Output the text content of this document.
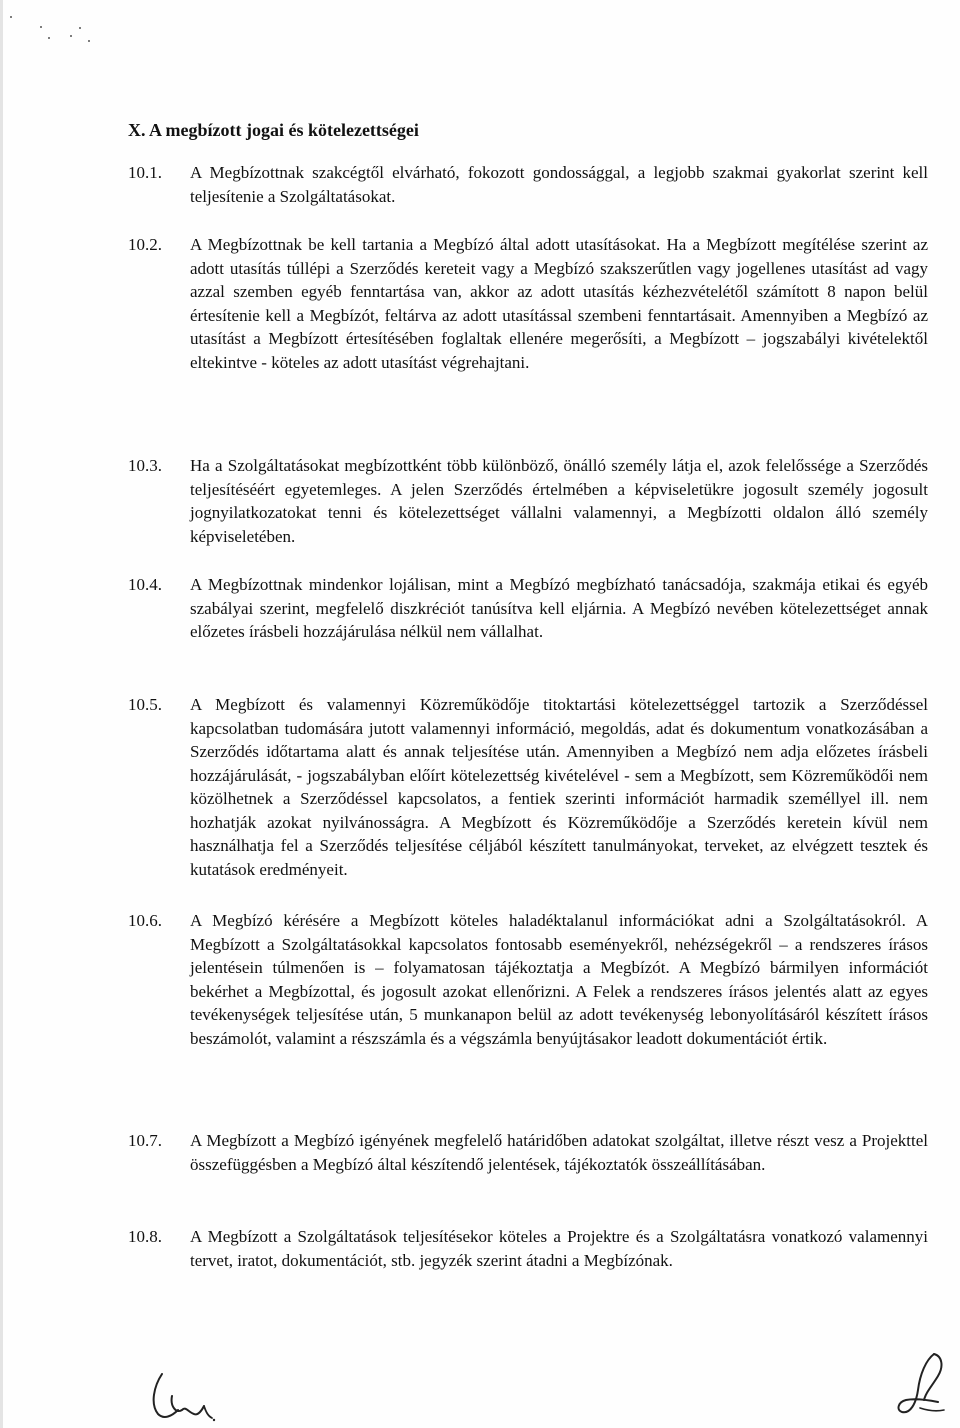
X. A megbízott jogai és kötelezettségei
10.1.	A Megbízottnak szakcégtől elvárható, fokozott gondossággal, a legjobb szakmai gyakorlat szerint kell teljesítenie a Szolgáltatásokat.

10.2.	A Megbízottnak be kell tartania a Megbízó által adott utasításokat. Ha a Megbízott megítélése szerint az adott utasítás túllépi a Szerződés kereteit vagy a Megbízó szakszerűtlen vagy jogellenes utasítást ad vagy azzal szemben egyéb fenntartása van, akkor az adott utasítás kézhezvételétől számított 8 napon belül értesítenie kell a Megbízót, feltárva az adott utasítással szembeni fenntartásait. Amennyiben a Megbízó az utasítást a Megbízott értesítésében foglaltak ellenére megerősíti, a Megbízott – jogszabályi kivételektől eltekintve - köteles az adott utasítást végrehajtani.

10.3.	Ha a Szolgáltatásokat megbízottként több különböző, önálló személy látja el, azok felelőssége a Szerződés teljesítéséért egyetemleges. A jelen Szerződés értelmében a képviseletükre jogosult személy jogosult jognyilatkozatokat tenni és kötelezettséget vállalni valamennyi, a Megbízotti oldalon álló személy képviseletében.

10.4.	A Megbízottnak mindenkor lojálisan, mint a Megbízó megbízható tanácsadója, szakmája etikai és egyéb szabályai szerint, megfelelő diszkréciót tanúsítva kell eljárnia. A Megbízó nevében kötelezettséget annak előzetes írásbeli hozzájárulása nélkül nem vállalhat.

10.5.	A Megbízott és valamennyi Közreműködője titoktartási kötelezettséggel tartozik a Szerződéssel kapcsolatban tudomására jutott valamennyi információ, megoldás, adat és dokumentum vonatkozásában a Szerződés időtartama alatt és annak teljesítése után. Amennyiben a Megbízó nem adja előzetes írásbeli hozzájárulását, - jogszabályban előírt kötelezettség kivételével - sem a Megbízott, sem Közreműködői nem közölhetnek a Szerződéssel kapcsolatos, a fentiek szerinti információt harmadik személlyel ill. nem hozhatják azokat nyilvánosságra. A Megbízott és Közreműködője a Szerződés keretein kívül nem használhatja fel a Szerződés teljesítése céljából készített tanulmányokat, terveket, az elvégzett tesztek és kutatások eredményeit.

10.6.	A Megbízó kérésére a Megbízott köteles haladéktalanul információkat adni a Szolgáltatásokról. A Megbízott a Szolgáltatásokkal kapcsolatos fontosabb eseményekről, nehézségekről – a rendszeres írásos jelentésein túlmenően is – folyamatosan tájékoztatja a Megbízót. A Megbízó bármilyen információt bekérhet a Megbízottal, és jogosult azokat ellenőrizni. A Felek a rendszeres írásos jelentés alatt az egyes tevékenységek teljesítése után, 5 munkanapon belül az adott tevékenység lebonyolításáról készített írásos beszámolót, valamint a részszámla és a végszámla benyújtásakor leadott dokumentációt értik.

10.7.	A Megbízott a Megbízó igényének megfelelő határidőben adatokat szolgáltat, illetve részt vesz a Projekttel összefüggésben a Megbízó által készítendő jelentések, tájékoztatók összeállításában.

10.8.	A Megbízott a Szolgáltatások teljesítésekor köteles a Projektre és a Szolgáltatásra vonatkozó valamennyi tervet, iratot, dokumentációt, stb. jegyzék szerint átadni a Megbízónak.
